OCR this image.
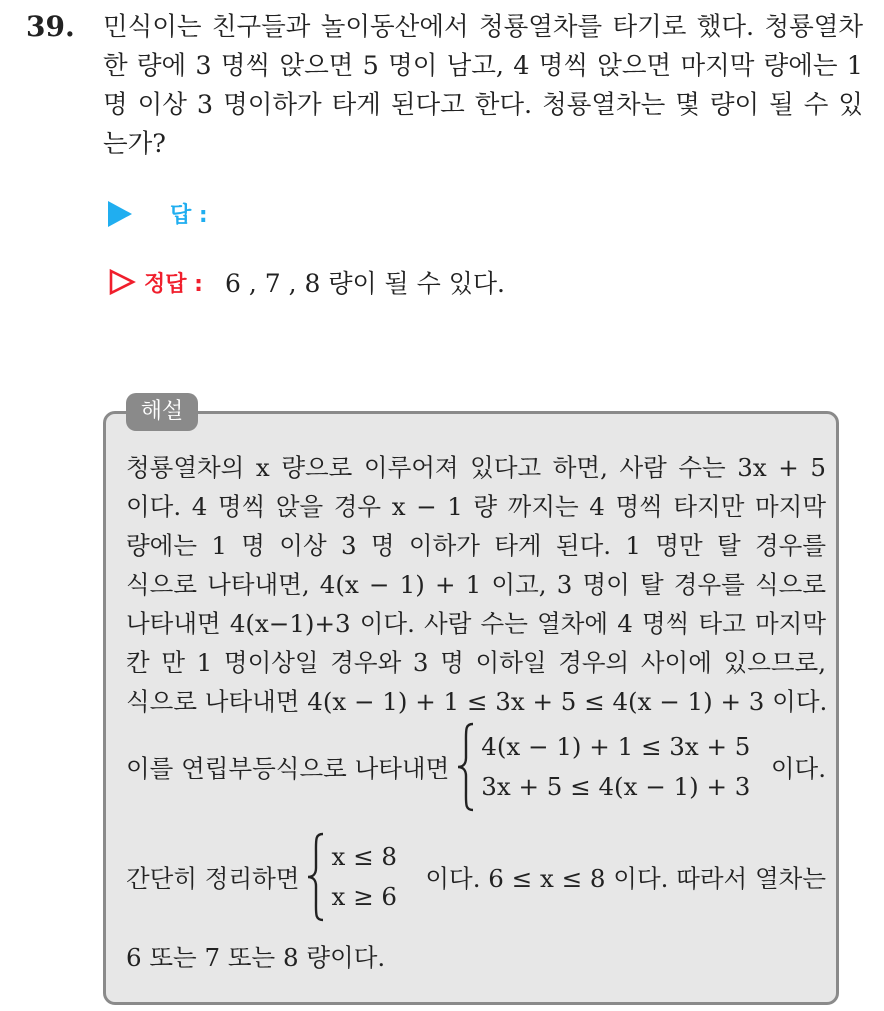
39. 민식이는 친구들과 놀이동산에서 청룡열차를 타기로 했다. 청룡열차 한 량에 3 명씩 앉으면 5 명이 남고, 4 명씩 앉으면 마지막 량에는 1 명 이상 3 명이하가 타게 된다고 한다. 청룡열차는 몇 량이 될 수 있는가?
답 :
정답 : 6 , 7 , 8 량이 될 수 있다.
해설
청룡열차의 x 량으로 이루어져 있다고 하면, 사람 수는 3x + 5
이다. 4 명씩 앉을 경우 x − 1 량 까지는 4 명씩 타지만 마지막
량에는 1 명 이상 3 명 이하가 타게 된다. 1 명만 탈 경우를
식으로 나타내면, 4(x − 1) + 1 이고, 3 명이 탈 경우를 식으로
나타내면 4(x−1)+3 이다. 사람 수는 열차에 4 명씩 타고 마지막
칸 만 1 명이상일 경우와 3 명 이하일 경우의 사이에 있으므로,
식으로 나타내면 4(x − 1) + 1 ≤ 3x + 5 ≤ 4(x − 1) + 3 이다.
이를 연립부등식으로 나타내면
4(x − 1) + 1 ≤ 3x + 5
3x + 5 ≤ 4(x − 1) + 3
이다.
간단히 정리하면
x ≤ 8
x ≥ 6
이다. 6 ≤ x ≤ 8 이다. 따라서 열차는
6 또는 7 또는 8 량이다.
